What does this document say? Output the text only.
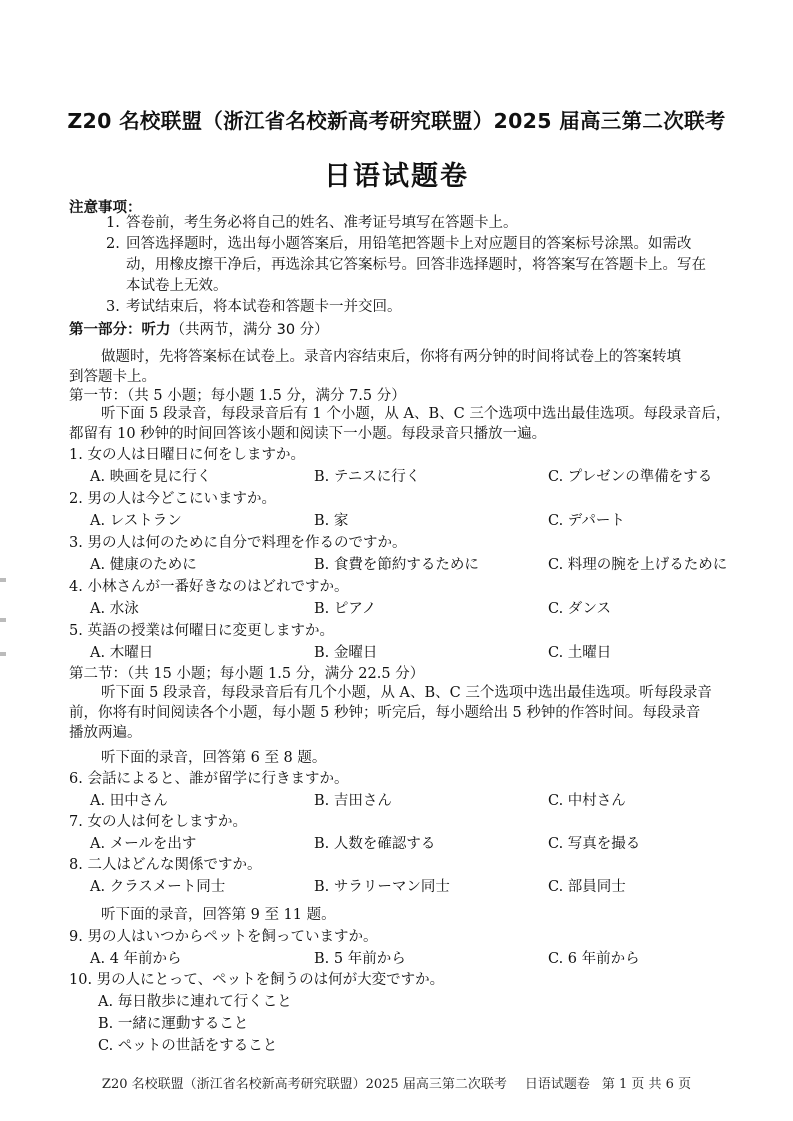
Z20 名校联盟（浙江省名校新高考研究联盟）2025 届高三第二次联考
日语试题卷
注意事项：
1. 答卷前，考生务必将自己的姓名、准考证号填写在答题卡上。
2. 回答选择题时，选出每小题答案后，用铅笔把答题卡上对应题目的答案标号涂黑。如需改
动，用橡皮擦干净后，再选涂其它答案标号。回答非选择题时，将答案写在答题卡上。写在
本试卷上无效。
3. 考试结束后，将本试卷和答题卡一并交回。
第一部分：听力（共两节，满分 30 分）
做题时，先将答案标在试卷上。录音内容结束后，你将有两分钟的时间将试卷上的答案转填
到答题卡上。
第一节：（共 5 小题；每小题 1.5 分，满分 7.5 分）
听下面 5 段录音，每段录音后有 1 个小题，从 A、B、C 三个选项中选出最佳选项。每段录音后，
都留有 10 秒钟的时间回答该小题和阅读下一小题。每段录音只播放一遍。
1. 女の人は日曜日に何をしますか。
A. 映画を見に行く	B. テニスに行く	C. プレゼンの準備をする
2. 男の人は今どこにいますか。
A. レストラン	B. 家	C. デパート
3. 男の人は何のために自分で料理を作るのですか。
A. 健康のために	B. 食費を節約するために	C. 料理の腕を上げるために
4. 小林さんが一番好きなのはどれですか。
A. 水泳	B. ピアノ	C. ダンス
5. 英語の授業は何曜日に変更しますか。
A. 木曜日	B. 金曜日	C. 土曜日
第二节：（共 15 小题；每小题 1.5 分，满分 22.5 分）
听下面 5 段录音，每段录音后有几个小题，从 A、B、C 三个选项中选出最佳选项。听每段录音
前，你将有时间阅读各个小题，每小题 5 秒钟；听完后，每小题给出 5 秒钟的作答时间。每段录音
播放两遍。
听下面的录音，回答第 6 至 8 题。
6. 会話によると、誰が留学に行きますか。
A. 田中さん	B. 吉田さん	C. 中村さん
7. 女の人は何をしますか。
A. メールを出す	B. 人数を確認する	C. 写真を撮る
8. 二人はどんな関係ですか。
A. クラスメート同士	B. サラリーマン同士	C. 部員同士
听下面的录音，回答第 9 至 11 题。
9. 男の人はいつからペットを飼っていますか。
A. 4 年前から	B. 5 年前から	C. 6 年前から
10. 男の人にとって、ペットを飼うのは何が大変ですか。
A. 毎日散歩に連れて行くこと
B. 一緒に運動すること
C. ペットの世話をすること
Z20 名校联盟（浙江省名校新高考研究联盟）2025 届高三第二次联考 日语试题卷 第 1 页 共 6 页
